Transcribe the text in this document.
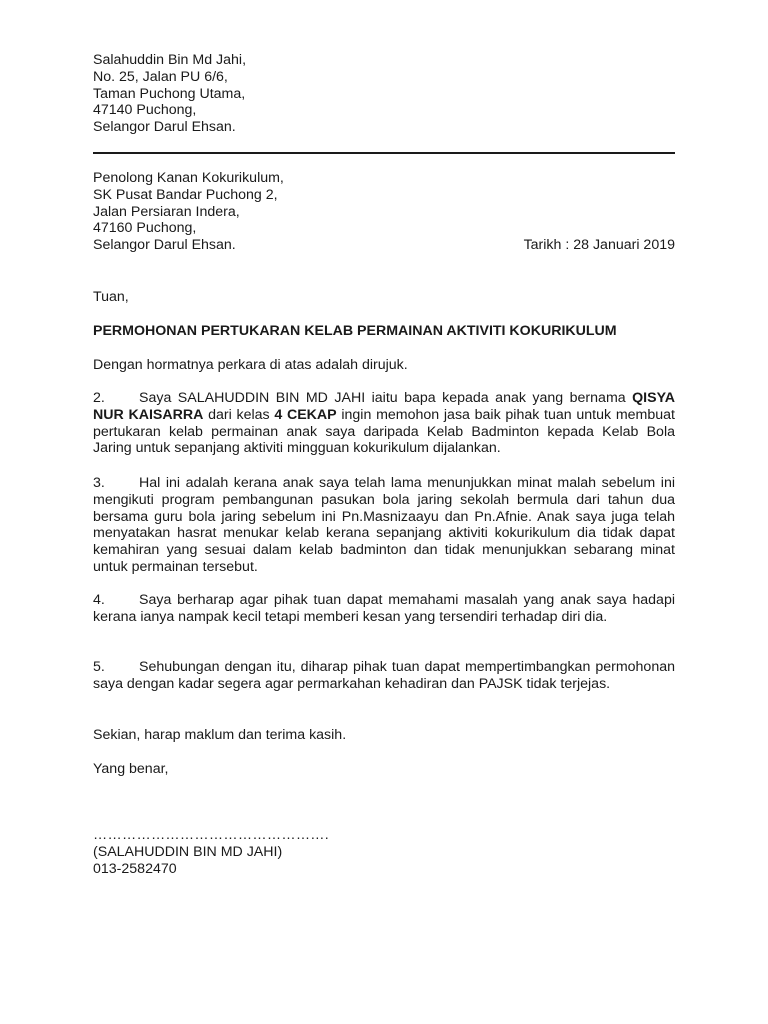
Salahuddin Bin Md Jahi,
No. 25, Jalan PU 6/6,
Taman Puchong Utama,
47140 Puchong,
Selangor Darul Ehsan.
Penolong Kanan Kokurikulum,
SK Pusat Bandar Puchong 2,
Jalan Persiaran Indera,
47160 Puchong,
Selangor Darul Ehsan.	Tarikh : 28 Januari 2019
Tuan,
PERMOHONAN PERTUKARAN KELAB PERMAINAN AKTIVITI KOKURIKULUM
Dengan hormatnya perkara di atas adalah dirujuk.
2. Saya SALAHUDDIN BIN MD JAHI iaitu bapa kepada anak yang bernama QISYA NUR KAISARRA dari kelas 4 CEKAP ingin memohon jasa baik pihak tuan untuk membuat pertukaran kelab permainan anak saya daripada Kelab Badminton kepada Kelab Bola Jaring untuk sepanjang aktiviti mingguan kokurikulum dijalankan.
3. Hal ini adalah kerana anak saya telah lama menunjukkan minat malah sebelum ini mengikuti program pembangunan pasukan bola jaring sekolah bermula dari tahun dua bersama guru bola jaring sebelum ini Pn.Masnizaayu dan Pn.Afnie. Anak saya juga telah menyatakan hasrat menukar kelab kerana sepanjang aktiviti kokurikulum dia tidak dapat kemahiran yang sesuai dalam kelab badminton dan tidak menunjukkan sebarang minat untuk permainan tersebut.
4. Saya berharap agar pihak tuan dapat memahami masalah yang anak saya hadapi kerana ianya nampak kecil tetapi memberi kesan yang tersendiri terhadap diri dia.
5. Sehubungan dengan itu, diharap pihak tuan dapat mempertimbangkan permohonan saya dengan kadar segera agar permarkahan kehadiran dan PAJSK tidak terjejas.
Sekian, harap maklum dan terima kasih.
Yang benar,
………………………………………….
(SALAHUDDIN BIN MD JAHI)
013-2582470
